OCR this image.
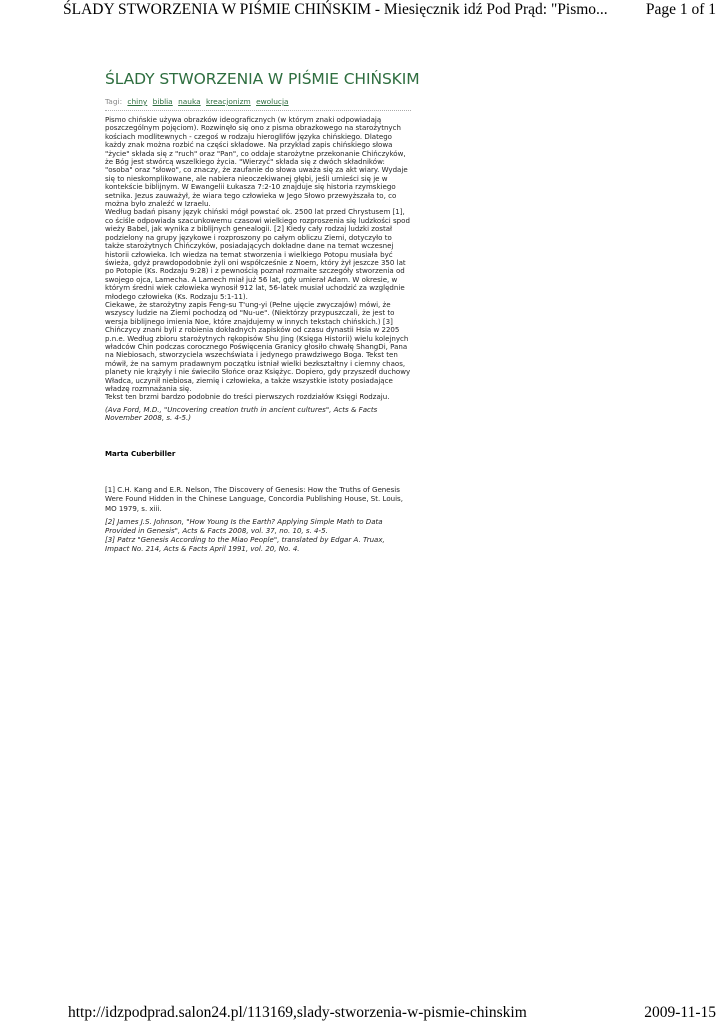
ŚLADY STWORZENIA W PIŚMIE CHIŃSKIM - Miesięcznik idź Pod Prąd: "Pismo... Page 1 of 1
ŚLADY STWORZENIA W PIŚMIE CHIŃSKIM
Tagi: chiny biblia nauka kreacjonizm ewolucja

Pismo chińskie używa obrazków ideograficznych (w którym znaki odpowiadają poszczególnym pojęciom). Rozwinęło się ono z pisma obrazkowego na starożytnych kościach modlitewnych - czegoś w rodzaju hieroglifów języka chińskiego. Dlatego każdy znak można rozbić na części składowe. Na przykład zapis chińskiego słowa "życie" składa się z "ruch" oraz "Pan", co oddaje starożytne przekonanie Chińczyków, że Bóg jest stwórcą wszelkiego życia. "Wierzyć" składa się z dwóch składników: "osoba" oraz "słowo", co znaczy, że zaufanie do słowa uważa się za akt wiary. Wydaje się to nieskomplikowane, ale nabiera nieoczekiwanej głębi, jeśli umieści się je w kontekście biblijnym. W Ewangelii Łukasza 7:2-10 znajduje się historia rzymskiego setnika. Jezus zauważył, że wiara tego człowieka w Jego Słowo przewyższała to, co można było znaleźć w Izraelu.

Według badań pisany język chiński mógł powstać ok. 2500 lat przed Chrystusem [1], co ściśle odpowiada szacunkowemu czasowi wielkiego rozproszenia się ludzkości spod wieży Babel, jak wynika z biblijnych genealogii. [2] Kiedy cały rodzaj ludzki został podzielony na grupy językowe i rozproszony po całym obliczu Ziemi, dotyczyło to także starożytnych Chińczyków, posiadających dokładne dane na temat wczesnej historii człowieka. Ich wiedza na temat stworzenia i wielkiego Potopu musiała być świeża, gdyż prawdopodobnie żyli oni współcześnie z Noem, który żył jeszcze 350 lat po Potopie (Ks. Rodzaju 9:28) i z pewnością poznał rozmaite szczegóły stworzenia od swojego ojca, Lamecha. A Lamech miał już 56 lat, gdy umierał Adam. W okresie, w którym średni wiek człowieka wynosił 912 lat, 56-latek musiał uchodzić za względnie młodego człowieka (Ks. Rodzaju 5:1-11).

Ciekawe, że starożytny zapis Feng-su T'ung-yi (Pełne ujęcie zwyczajów) mówi, że wszyscy ludzie na Ziemi pochodzą od "Nu-ue". (Niektórzy przypuszczali, że jest to wersja biblijnego imienia Noe, które znajdujemy w innych tekstach chińskich.) [3] Chińczycy znani byli z robienia dokładnych zapisków od czasu dynastii Hsia w 2205 p.n.e. Według zbioru starożytnych rękopisów Shu Jing (Księga Historii) wielu kolejnych władców Chin podczas corocznego Poświęcenia Granicy głosiło chwałę ShangDi, Pana na Niebiosach, stworzyciela wszechświata i jedynego prawdziwego Boga. Tekst ten mówił, że na samym pradawnym początku istniał wielki bezkształtny i ciemny chaos, planety nie krążyły i nie świeciło Słońce oraz Księżyc. Dopiero, gdy przyszedł duchowy Władca, uczynił niebiosa, ziemię i człowieka, a także wszystkie istoty posiadające władzę rozmnażania się.

Tekst ten brzmi bardzo podobnie do treści pierwszych rozdziałów Księgi Rodzaju.

(Ava Ford, M.D., "Uncovering creation truth in ancient cultures", Acts & Facts November 2008, s. 4-5.)
Marta Cuberbiller

[1] C.H. Kang and E.R. Nelson, The Discovery of Genesis: How the Truths of Genesis Were Found Hidden in the Chinese Language, Concordia Publishing House, St. Louis, MO 1979, s. xiii.

[2] James J.S. Johnson, "How Young Is the Earth? Applying Simple Math to Data Provided in Genesis", Acts & Facts 2008, vol. 37, no. 10, s. 4-5.

[3] Patrz "Genesis According to the Miao People", translated by Edgar A. Truax, Impact No. 214, Acts & Facts April 1991, vol. 20, No. 4.

http://idzpodprad.salon24.pl/113169,slady-stworzenia-w-pismie-chinskim	2009-11-15
